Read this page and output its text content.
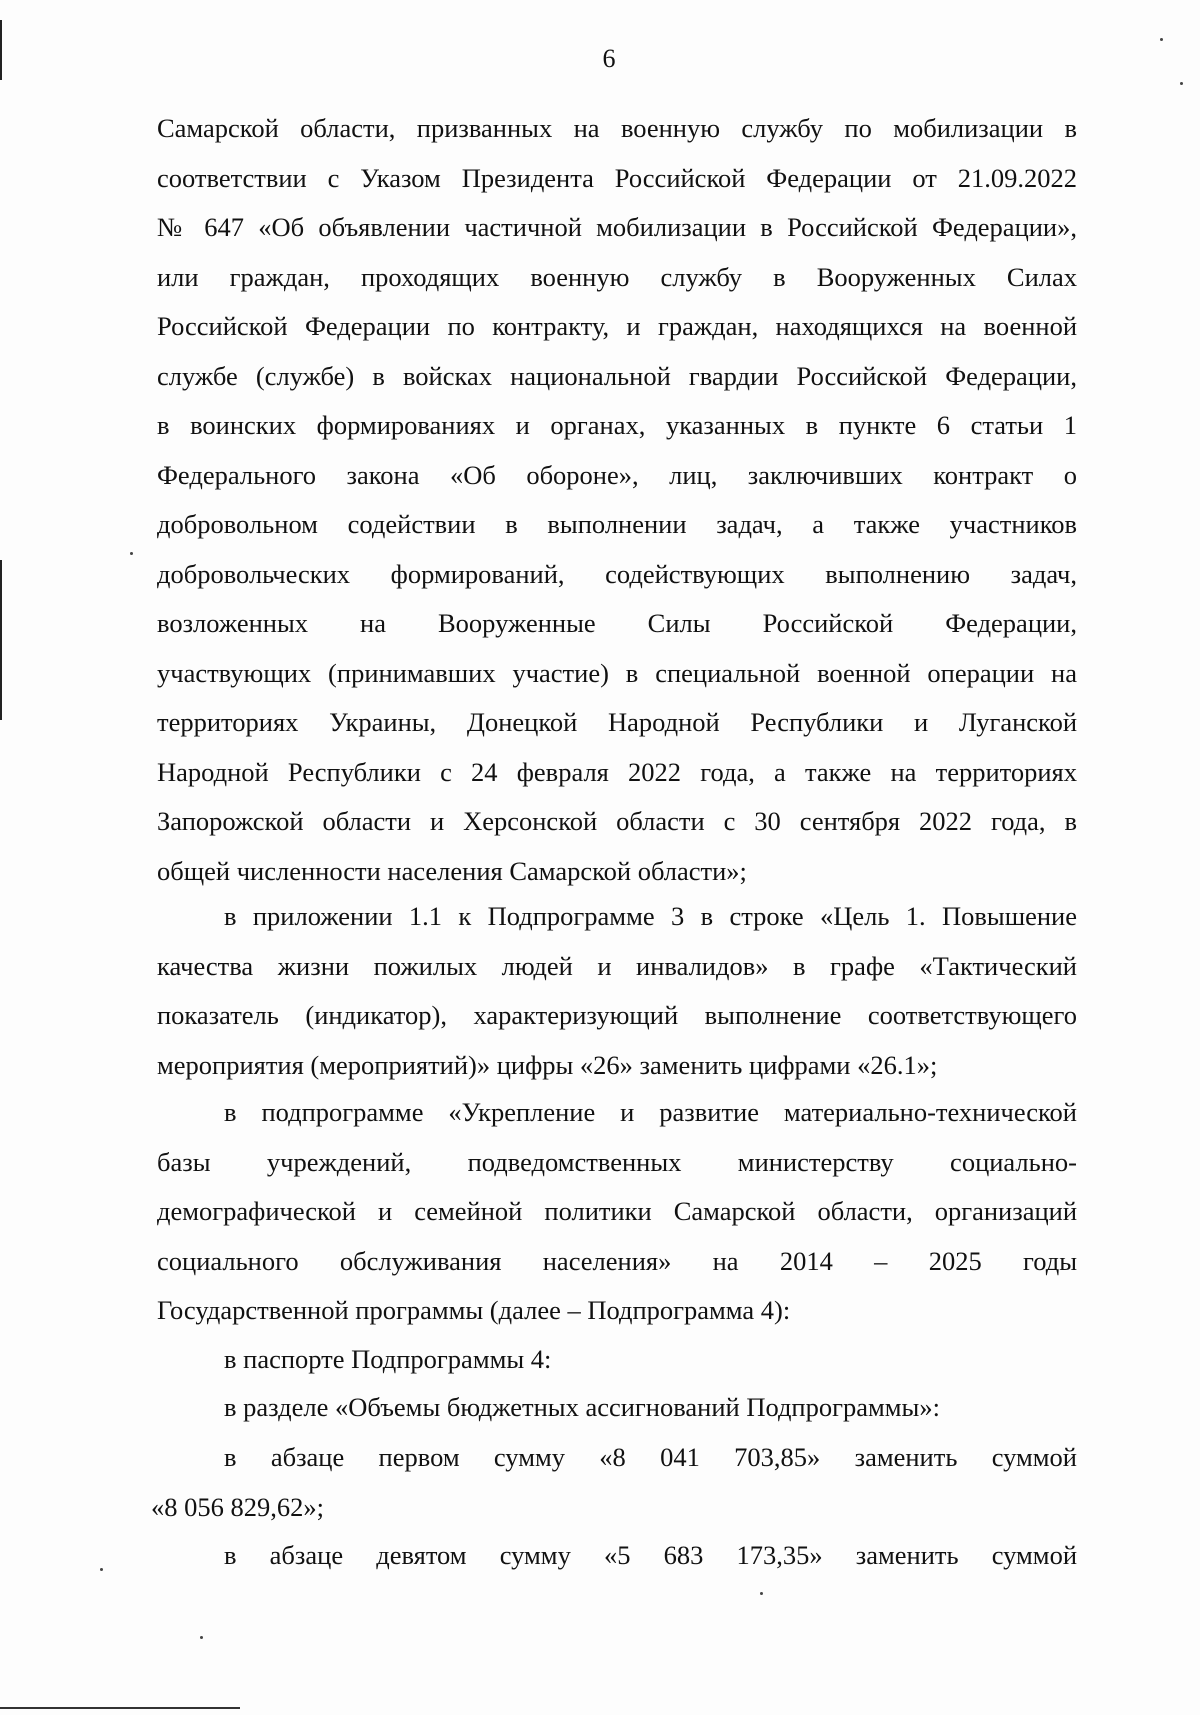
6
Самарской области, призванных на военную службу по мобилизации в
соответствии с Указом Президента Российской Федерации от 21.09.2022
№ 647 «Об объявлении частичной мобилизации в Российской Федерации»,
или граждан, проходящих военную службу в Вооруженных Силах
Российской Федерации по контракту, и граждан, находящихся на военной
службе (службе) в войсках национальной гвардии Российской Федерации,
в воинских формированиях и органах, указанных в пункте 6 статьи 1
Федерального закона «Об обороне», лиц, заключивших контракт о
добровольном содействии в выполнении задач, а также участников
добровольческих формирований, содействующих выполнению задач,
возложенных на Вооруженные Силы Российской Федерации,
участвующих (принимавших участие) в специальной военной операции на
территориях Украины, Донецкой Народной Республики и Луганской
Народной Республики с 24 февраля 2022 года, а также на территориях
Запорожской области и Херсонской области с 30 сентября 2022 года, в
общей численности населения Самарской области»;
в приложении 1.1 к Подпрограмме 3 в строке «Цель 1. Повышение
качества жизни пожилых людей и инвалидов» в графе «Тактический
показатель (индикатор), характеризующий выполнение соответствующего
мероприятия (мероприятий)» цифры «26» заменить цифрами «26.1»;
в подпрограмме «Укрепление и развитие материально-технической
базы учреждений, подведомственных министерству социально-
демографической и семейной политики Самарской области, организаций
социального обслуживания населения» на 2014 – 2025 годы
Государственной программы (далее – Подпрограмма 4):
в паспорте Подпрограммы 4:
в разделе «Объемы бюджетных ассигнований Подпрограммы»:
в абзаце первом сумму «8 041 703,85» заменить суммой
«8 056 829,62»;
в абзаце девятом сумму «5 683 173,35» заменить суммой
